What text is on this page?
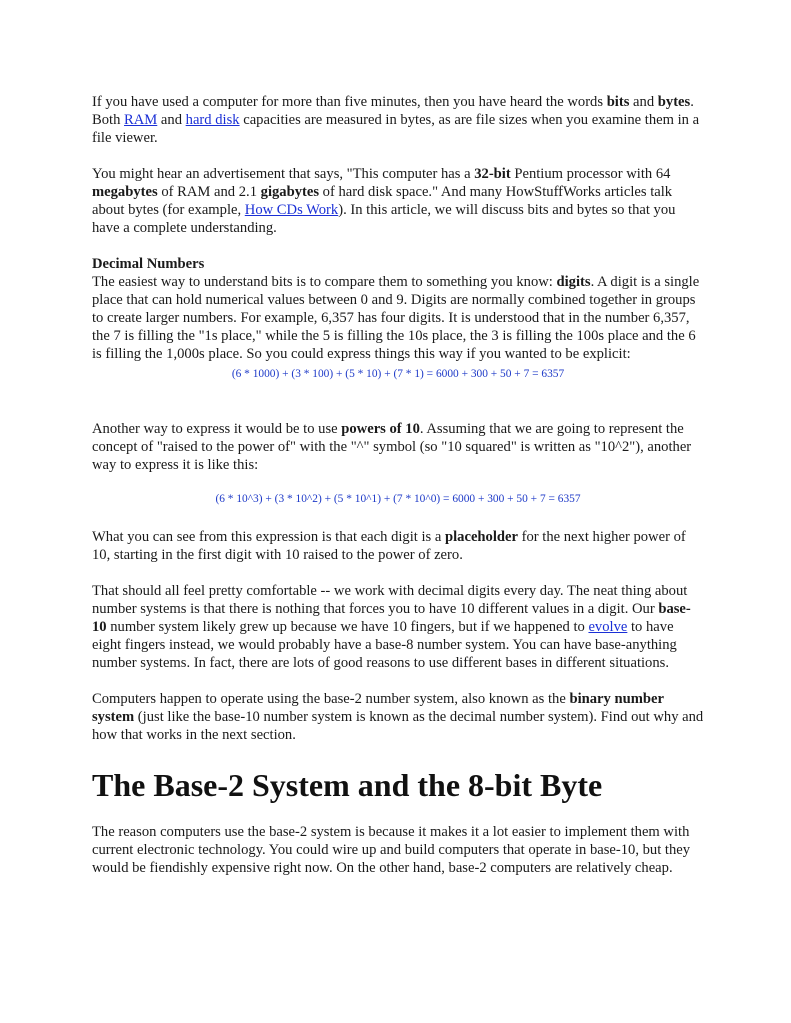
If you have used a computer for more than five minutes, then you have heard the words bits and bytes. Both RAM and hard disk capacities are measured in bytes, as are file sizes when you examine them in a file viewer.

You might hear an advertisement that says, "This computer has a 32-bit Pentium processor with 64 megabytes of RAM and 2.1 gigabytes of hard disk space." And many HowStuffWorks articles talk about bytes (for example, How CDs Work). In this article, we will discuss bits and bytes so that you have a complete understanding.

Decimal Numbers
The easiest way to understand bits is to compare them to something you know: digits. A digit is a single place that can hold numerical values between 0 and 9. Digits are normally combined together in groups to create larger numbers. For example, 6,357 has four digits. It is understood that in the number 6,357, the 7 is filling the "1s place," while the 5 is filling the 10s place, the 3 is filling the 100s place and the 6 is filling the 1,000s place. So you could express things this way if you wanted to be explicit:

(6 * 1000) + (3 * 100) + (5 * 10) + (7 * 1) = 6000 + 300 + 50 + 7 = 6357

Another way to express it would be to use powers of 10. Assuming that we are going to represent the concept of "raised to the power of" with the "^" symbol (so "10 squared" is written as "10^2"), another way to express it is like this:

(6 * 10^3) + (3 * 10^2) + (5 * 10^1) + (7 * 10^0) = 6000 + 300 + 50 + 7 = 6357

What you can see from this expression is that each digit is a placeholder for the next higher power of 10, starting in the first digit with 10 raised to the power of zero.

That should all feel pretty comfortable -- we work with decimal digits every day. The neat thing about number systems is that there is nothing that forces you to have 10 different values in a digit. Our base-10 number system likely grew up because we have 10 fingers, but if we happened to evolve to have eight fingers instead, we would probably have a base-8 number system. You can have base-anything number systems. In fact, there are lots of good reasons to use different bases in different situations.

Computers happen to operate using the base-2 number system, also known as the binary number system (just like the base-10 number system is known as the decimal number system). Find out why and how that works in the next section.

The Base-2 System and the 8-bit Byte

The reason computers use the base-2 system is because it makes it a lot easier to implement them with current electronic technology. You could wire up and build computers that operate in base-10, but they would be fiendishly expensive right now. On the other hand, base-2 computers are relatively cheap.
